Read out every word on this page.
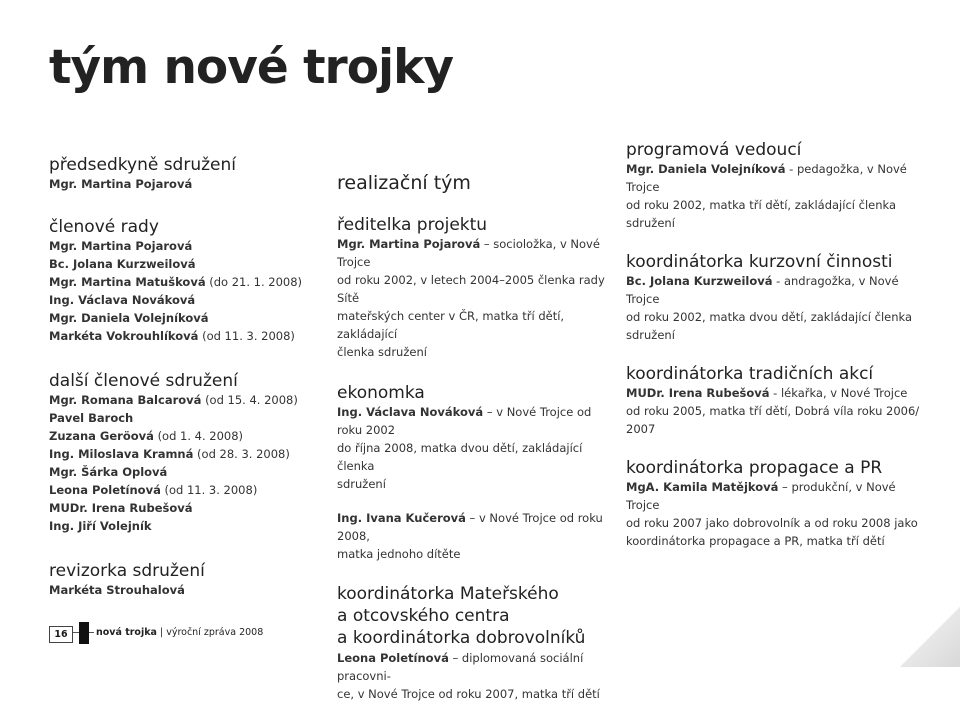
tým nové trojky
předsedkyně sdružení
Mgr. Martina Pojarová
členové rady
Mgr. Martina Pojarová
Bc. Jolana Kurzweilová
Mgr. Martina Matušková (do 21. 1. 2008)
Ing. Václava Nováková
Mgr. Daniela Volejníková
Markéta Vokrouhlíková (od 11. 3. 2008)
další členové sdružení
Mgr. Romana Balcarová (od 15. 4. 2008)
Pavel Baroch
Zuzana Geröová (od 1. 4. 2008)
Ing. Miloslava Kramná (od 28. 3. 2008)
Mgr. Šárka Oplová
Leona Poletínová (od 11. 3. 2008)
MUDr. Irena Rubešová
Ing. Jiří Volejník
revizorka sdružení
Markéta Strouhalová
realizační tým
ředitelka projektu

Mgr. Martina Pojarová – socioložka, v Nové Trojce
od roku 2002, v letech 2004–2005 členka rady Sítě
mateřských center v ČR, matka tří dětí, zakládající
členka sdružení

ekonomka

Ing. Václava Nováková – v Nové Trojce od roku 2002
do října 2008, matka dvou dětí, zakládající členka
sdružení

Ing. Ivana Kučerová – v Nové Trojce od roku 2008,
matka jednoho dítěte

koordinátorka Mateřského
a otcovského centra
a koordinátorka dobrovolníků

Leona Poletínová – diplomovaná sociální pracovni-
ce, v Nové Trojce od roku 2007, matka tří dětí

programová vedoucí

Mgr. Daniela Volejníková - pedagožka, v Nové Trojce
od roku 2002, matka tří dětí, zakládající členka
sdružení

koordinátorka kurzovní činnosti

Bc. Jolana Kurzweilová - andragožka, v Nové Trojce
od roku 2002, matka dvou dětí, zakládající členka
sdružení

koordinátorka tradičních akcí

MUDr. Irena Rubešová - lékařka, v Nové Trojce
od roku 2005, matka tří dětí, Dobrá víla roku 2006/
2007

koordinátorka propagace a PR

MgA. Kamila Matějková – produkční, v Nové Trojce
od roku 2007 jako dobrovolník a od roku 2008 jako
koordinátorka propagace a PR, matka tří dětí

16	nová trojka | výroční zpráva 2008
